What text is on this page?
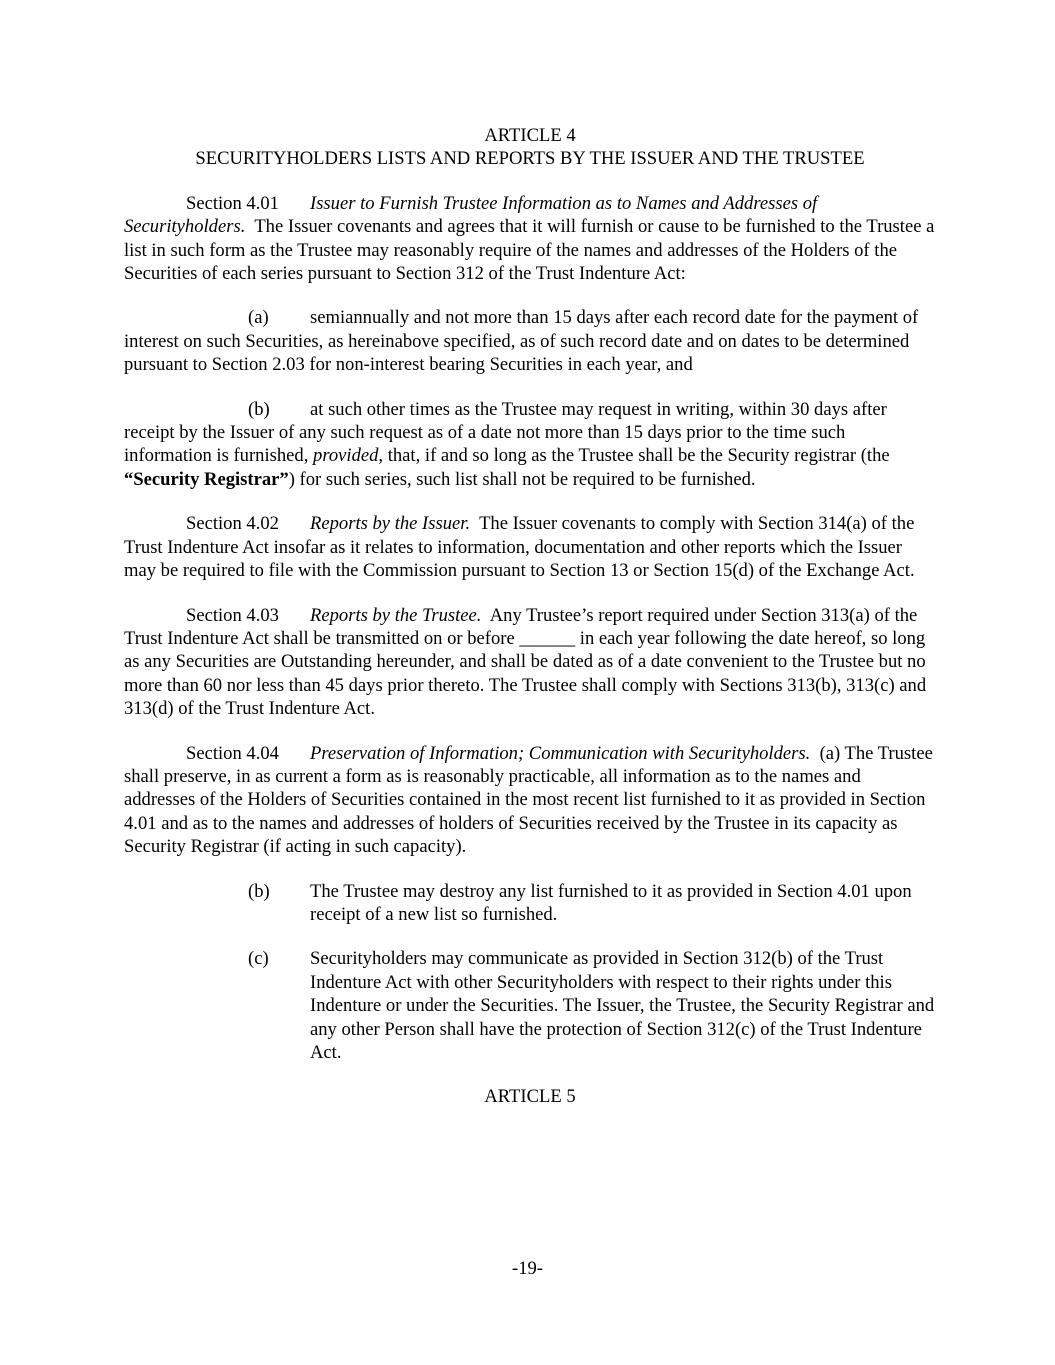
ARTICLE 4

SECURITYHOLDERS LISTS AND REPORTS BY THE ISSUER AND THE TRUSTEE

Section 4.01 Issuer to Furnish Trustee Information as to Names and Addresses of Securityholders. The Issuer covenants and agrees that it will furnish or cause to be furnished to the Trustee a list in such form as the Trustee may reasonably require of the names and addresses of the Holders of the Securities of each series pursuant to Section 312 of the Trust Indenture Act:

(a) semiannually and not more than 15 days after each record date for the payment of interest on such Securities, as hereinabove specified, as of such record date and on dates to be determined pursuant to Section 2.03 for non-interest bearing Securities in each year, and

(b) at such other times as the Trustee may request in writing, within 30 days after receipt by the Issuer of any such request as of a date not more than 15 days prior to the time such information is furnished, provided, that, if and so long as the Trustee shall be the Security registrar (the “Security Registrar”) for such series, such list shall not be required to be furnished.

Section 4.02 Reports by the Issuer. The Issuer covenants to comply with Section 314(a) of the Trust Indenture Act insofar as it relates to information, documentation and other reports which the Issuer may be required to file with the Commission pursuant to Section 13 or Section 15(d) of the Exchange Act.

Section 4.03 Reports by the Trustee. Any Trustee’s report required under Section 313(a) of the Trust Indenture Act shall be transmitted on or before ______ in each year following the date hereof, so long as any Securities are Outstanding hereunder, and shall be dated as of a date convenient to the Trustee but no more than 60 nor less than 45 days prior thereto. The Trustee shall comply with Sections 313(b), 313(c) and 313(d) of the Trust Indenture Act.

Section 4.04 Preservation of Information; Communication with Securityholders. (a) The Trustee shall preserve, in as current a form as is reasonably practicable, all information as to the names and addresses of the Holders of Securities contained in the most recent list furnished to it as provided in Section 4.01 and as to the names and addresses of holders of Securities received by the Trustee in its capacity as Security Registrar (if acting in such capacity).

(b) The Trustee may destroy any list furnished to it as provided in Section 4.01 upon receipt of a new list so furnished.

(c) Securityholders may communicate as provided in Section 312(b) of the Trust Indenture Act with other Securityholders with respect to their rights under this Indenture or under the Securities. The Issuer, the Trustee, the Security Registrar and any other Person shall have the protection of Section 312(c) of the Trust Indenture Act.

ARTICLE 5

-19-
